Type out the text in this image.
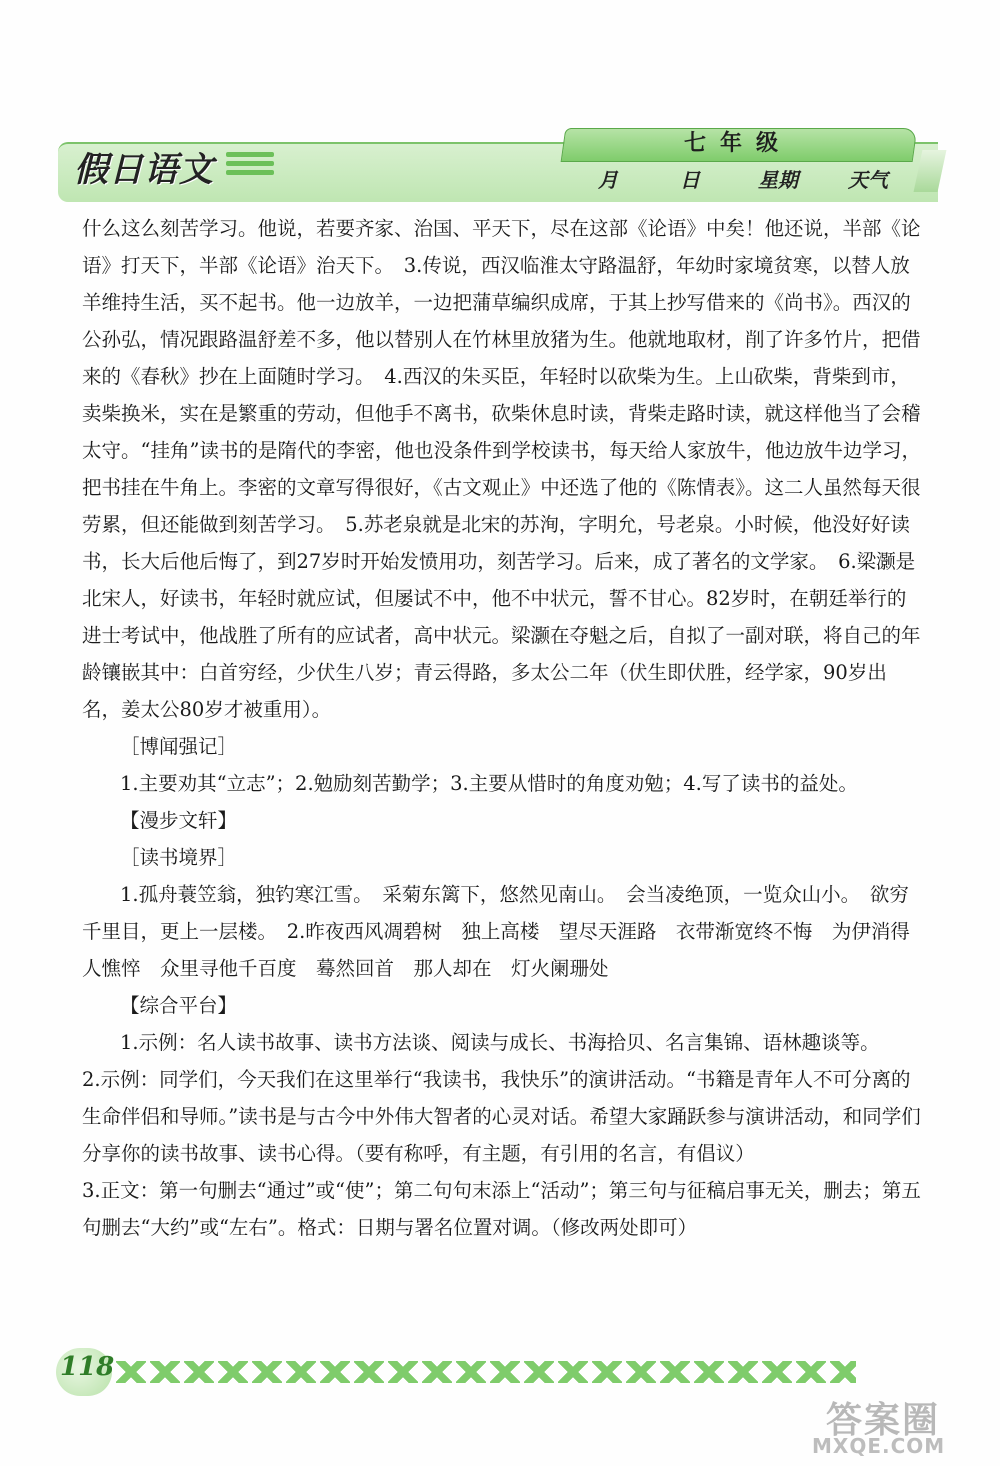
假日语文
七年级
月	日	星期	天气

什么这么刻苦学习。他说，若要齐家、治国、平天下，尽在这部《论语》中矣！他还说，半部《论语》打天下，半部《论语》治天下。　3.传说，西汉临淮太守路温舒，年幼时家境贫寒，以替人放羊维持生活，买不起书。他一边放羊，一边把蒲草编织成席，于其上抄写借来的《尚书》。西汉的公孙弘，情况跟路温舒差不多，他以替别人在竹林里放猪为生。他就地取材，削了许多竹片，把借来的《春秋》抄在上面随时学习。　4.西汉的朱买臣，年轻时以砍柴为生。上山砍柴，背柴到市，卖柴换米，实在是繁重的劳动，但他手不离书，砍柴休息时读，背柴走路时读，就这样他当了会稽太守。“挂角”读书的是隋代的李密，他也没条件到学校读书，每天给人家放牛，他边放牛边学习，把书挂在牛角上。李密的文章写得很好，《古文观止》中还选了他的《陈情表》。这二人虽然每天很劳累，但还能做到刻苦学习。　5.苏老泉就是北宋的苏洵，字明允，号老泉。小时候，他没好好读书，长大后他后悔了，到27岁时开始发愤用功，刻苦学习。后来，成了著名的文学家。　6.梁灏是北宋人，好读书，年轻时就应试，但屡试不中，他不中状元，誓不甘心。82岁时，在朝廷举行的进士考试中，他战胜了所有的应试者，高中状元。梁灏在夺魁之后，自拟了一副对联，将自己的年龄镶嵌其中：白首穷经，少伏生八岁；青云得路，多太公二年（伏生即伏胜，经学家，90岁出名，姜太公80岁才被重用）。

［博闻强记］

1.主要劝其“立志”；2.勉励刻苦勤学；3.主要从惜时的角度劝勉；4.写了读书的益处。

【漫步文轩】

［读书境界］

1.孤舟蓑笠翁，独钓寒江雪。　采菊东篱下，悠然见南山。　会当凌绝顶，一览众山小。　欲穷千里目，更上一层楼。　2.昨夜西风凋碧树　独上高楼　望尽天涯路　衣带渐宽终不悔　为伊消得人憔悴　众里寻他千百度　蓦然回首　那人却在　灯火阑珊处

【综合平台】

1.示例：名人读书故事、读书方法谈、阅读与成长、书海拾贝、名言集锦、语林趣谈等。

2.示例：同学们，今天我们在这里举行“我读书，我快乐”的演讲活动。“书籍是青年人不可分离的生命伴侣和导师。”读书是与古今中外伟大智者的心灵对话。希望大家踊跃参与演讲活动，和同学们分享你的读书故事、读书心得。（要有称呼，有主题，有引用的名言，有倡议）

3.正文：第一句删去“通过”或“使”；第二句句末添上“活动”；第三句与征稿启事无关，删去；第五句删去“大约”或“左右”。格式：日期与署名位置对调。（修改两处即可）

118
答案圈
MXQE.COM
